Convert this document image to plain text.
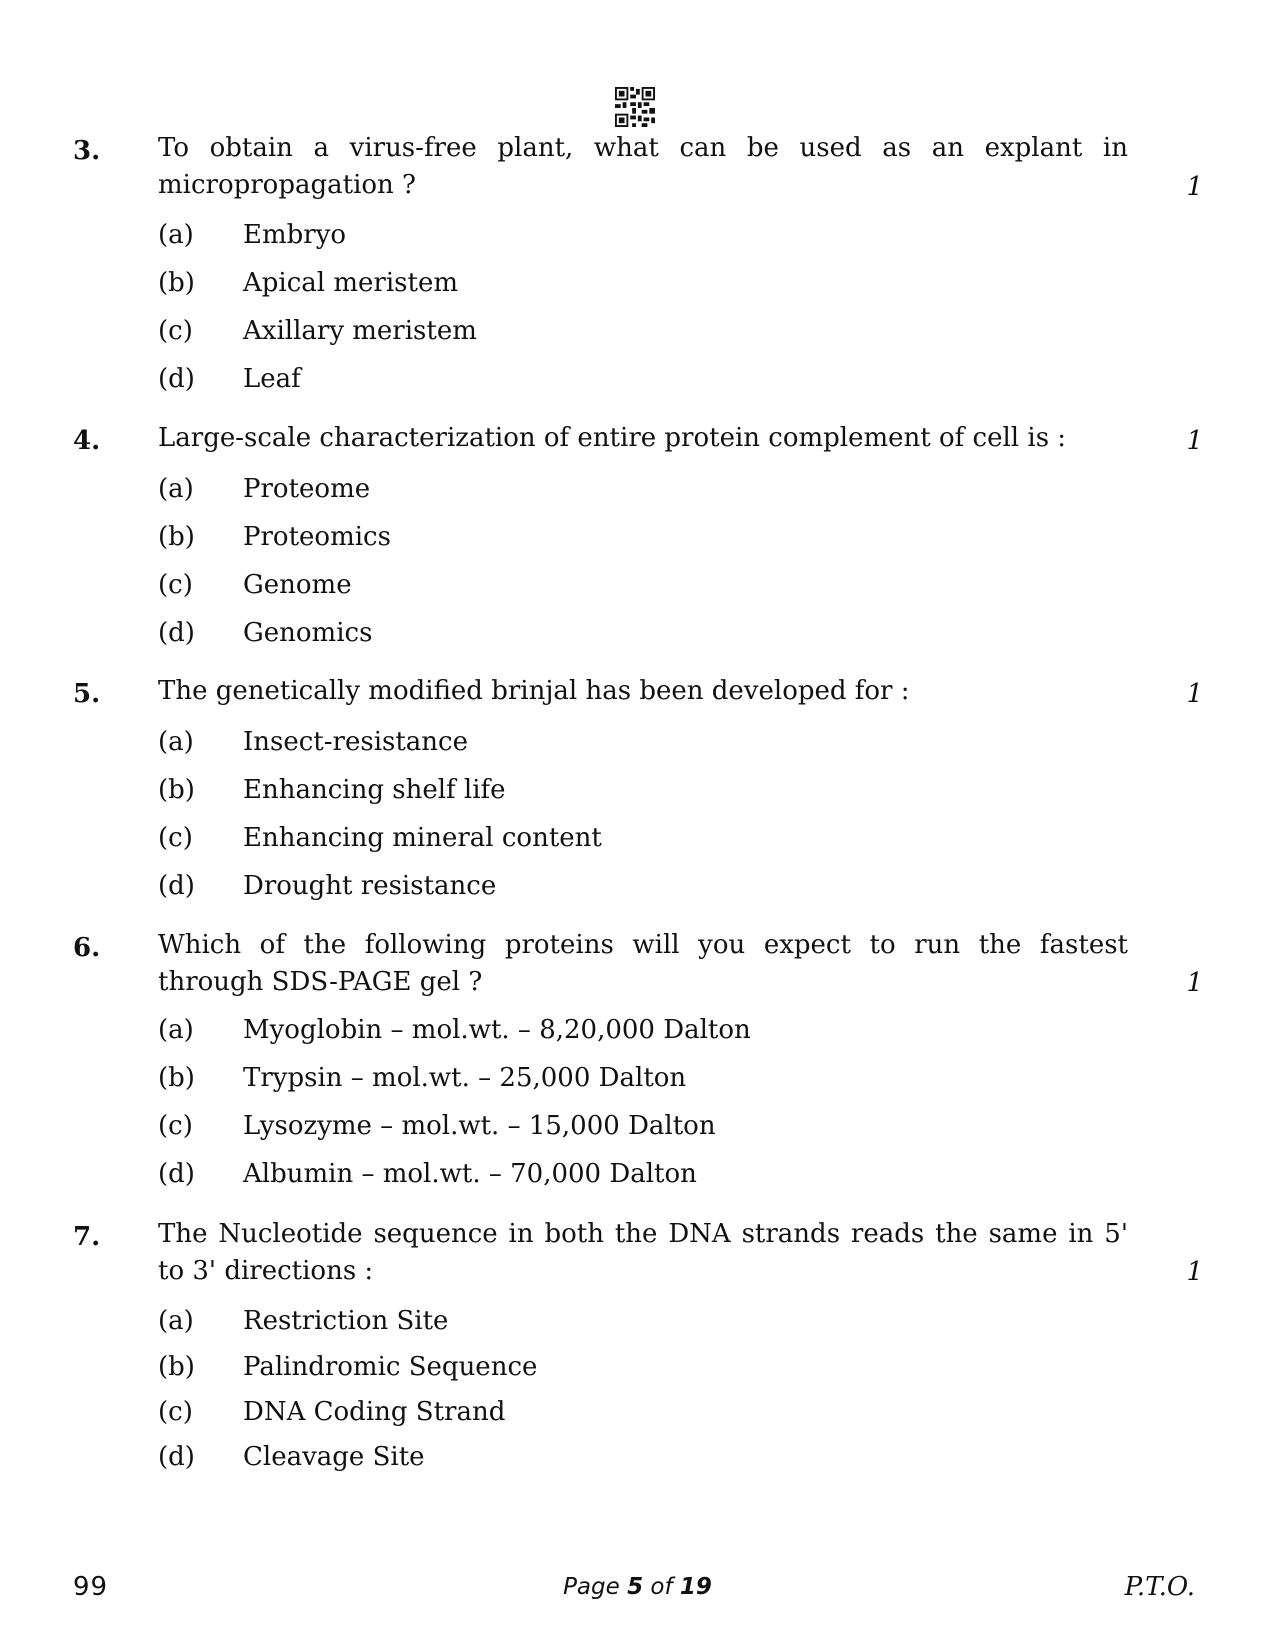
3. To obtain a virus-free plant, what can be used as an explant in micropropagation ?	1
(a) Embryo
(b) Apical meristem
(c) Axillary meristem
(d) Leaf
4. Large-scale characterization of entire protein complement of cell is :	1
(a) Proteome
(b) Proteomics
(c) Genome
(d) Genomics
5. The genetically modified brinjal has been developed for :	1
(a) Insect-resistance
(b) Enhancing shelf life
(c) Enhancing mineral content
(d) Drought resistance
6. Which of the following proteins will you expect to run the fastest through SDS-PAGE gel ?	1
(a) Myoglobin – mol.wt. – 8,20,000 Dalton
(b) Trypsin – mol.wt. – 25,000 Dalton
(c) Lysozyme – mol.wt. – 15,000 Dalton
(d) Albumin – mol.wt. – 70,000 Dalton
7. The Nucleotide sequence in both the DNA strands reads the same in 5' to 3' directions :	1
(a) Restriction Site
(b) Palindromic Sequence
(c) DNA Coding Strand
(d) Cleavage Site
99	Page 5 of 19	P.T.O.
